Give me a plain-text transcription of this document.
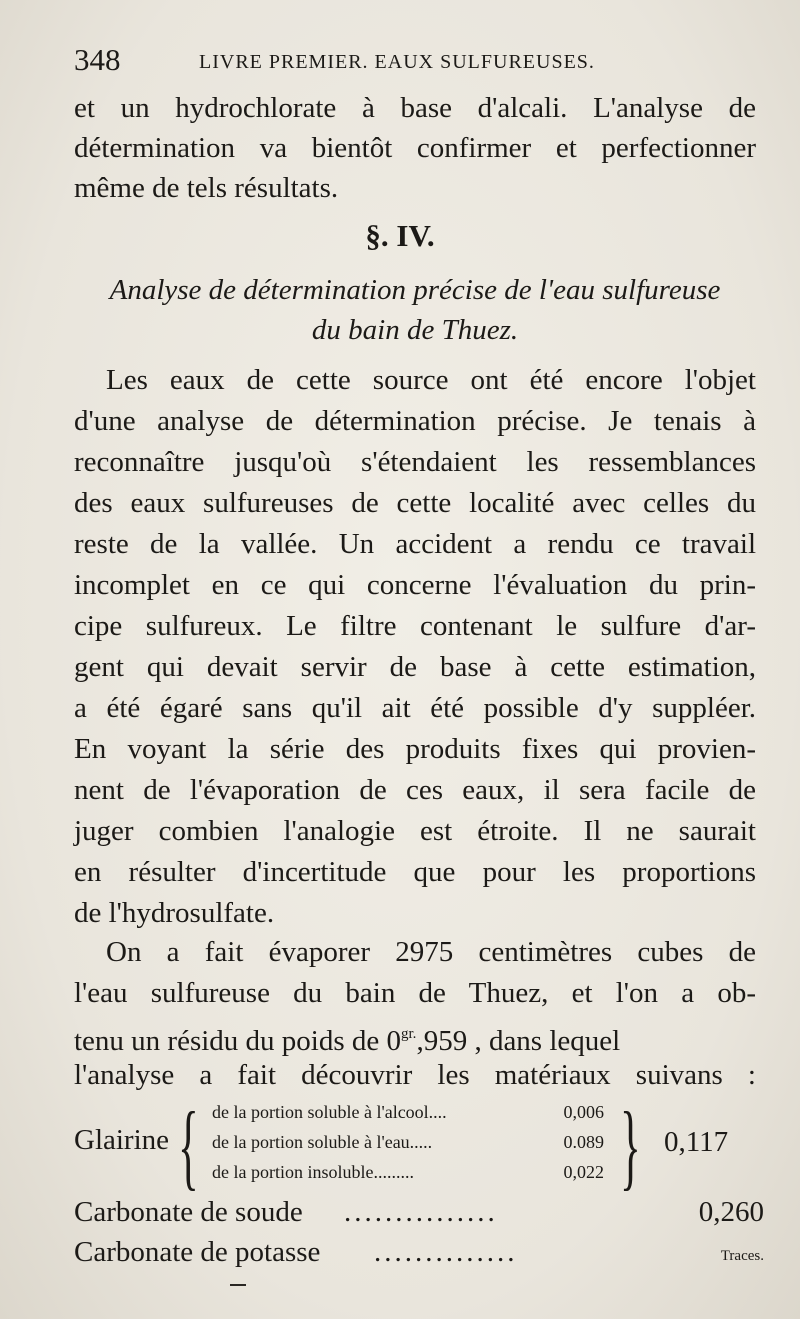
348	LIVRE PREMIER. EAUX SULFUREUSES.
et un hydrochlorate à base d'alcali. L'analyse de
détermination va bientôt confirmer et perfectionner
même de tels résultats.
§. IV.
Analyse de détermination précise de l'eau sulfureuse
du bain de Thuez.
Les eaux de cette source ont été encore l'objet
d'une analyse de détermination précise. Je tenais à
reconnaître jusqu'où s'étendaient les ressemblances
des eaux sulfureuses de cette localité avec celles du
reste de la vallée. Un accident a rendu ce travail
incomplet en ce qui concerne l'évaluation du prin-
cipe sulfureux. Le filtre contenant le sulfure d'ar-
gent qui devait servir de base à cette estimation,
a été égaré sans qu'il ait été possible d'y suppléer.
En voyant la série des produits fixes qui provien-
nent de l'évaporation de ces eaux, il sera facile de
juger combien l'analogie est étroite. Il ne saurait
en résulter d'incertitude que pour les proportions
de l'hydrosulfate.
On a fait évaporer 2975 centimètres cubes de
l'eau sulfureuse du bain de Thuez, et l'on a ob-
tenu un résidu du poids de $0^{gr.},959$ , dans lequel
l'analyse a fait découvrir les matériaux suivans :
Glairine { de la portion soluble à l'alcool....	0,006
de la portion soluble à l'eau.....	0.089
de la portion insoluble.........	0,022 } 0,117
Carbonate de soude ...............	0,260
Carbonate de potasse ..............	Traces.
